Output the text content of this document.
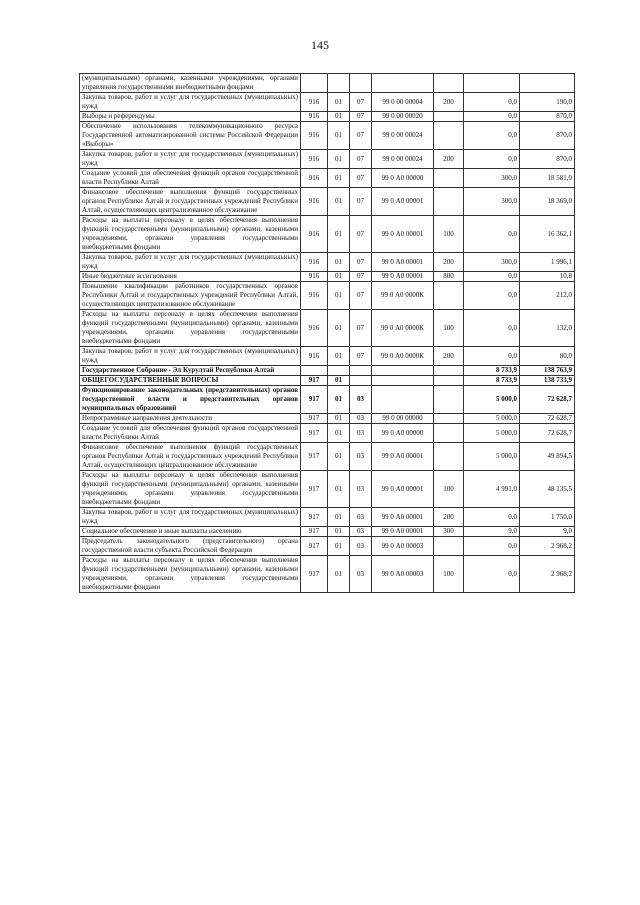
145
(муниципальными) органами, казенными учреждениями, органами управления государственными внебюджетными фондами							
Закупка товаров, работ и услуг для государственных (муниципальных) нужд	916	01	07	99 0 00 00004	200	0,0	190,0
Выборы и референдумы	916	01	07	99 0 00 00020		0,0	870,0
Обеспечение использования телекоммуникационного ресурса Государственной автоматизированной системы Российской Федерации «Выборы»	916	01	07	99 0 00 00024		0,0	870,0
Закупка товаров, работ и услуг для государственных (муниципальных) нужд	916	01	07	99 0 00 00024	200	0,0	870,0
Создание условий для обеспечения функций органов государственной власти Республики Алтай	916	01	07	99 0 А0 00000		300,0	18 581,0
Финансовое обеспечение выполнения функций государственных органов Республики Алтай и государственных учреждений Республики Алтай, осуществляющих централизованное обслуживание	916	01	07	99 0 А0 00001		300,0	18 369,0
Расходы на выплаты персоналу в целях обеспечения выполнения функций государственными (муниципальными) органами, казенными учреждениями, органами управления государственными внебюджетными фондами	916	01	07	99 0 А0 00001	100	0,0	16 362,1
Закупка товаров, работ и услуг для государственных (муниципальных) нужд	916	01	07	99 0 А0 00001	200	300,0	1 996,1
Иные бюджетные ассигнования	916	01	07	99 0 А0 00001	800	0,0	10,8
Повышение квалификации работников государственных органов Республики Алтай и государственных учреждений Республики Алтай, осуществляющих централизованное обслуживание	916	01	07	99 0 А0 0000К		0,0	212,0
Расходы на выплаты персоналу в целях обеспечения выполнения функций государственными (муниципальными) органами, казенными учреждениями, органами управления государственными внебюджетными фондами	916	01	07	99 0 А0 0000К	100	0,0	132,0
Закупка товаров, работ и услуг для государственных (муниципальных) нужд	916	01	07	99 0 А0 0000К	200	0,0	80,0
Государственное Собрание - Эл Курултай Республики Алтай						8 733,9	138 763,9
ОБЩЕГОСУДАРСТВЕННЫЕ ВОПРОСЫ	917	01				8 733,9	138 733,9
Функционирование законодательных (представительных) органов государственной власти и представительных органов муниципальных образований	917	01	03			5 000,0	72 628,7
Непрограммные направления деятельности	917	01	03	99 0 00 00000		5 000,0	72 628,7
Создание условий для обеспечения функций органов государственной власти Республики Алтай	917	01	03	99 0 А0 00000		5 000,0	72 628,7
Финансовое обеспечение выполнения функций государственных органов Республики Алтай и государственных учреждений Республики Алтай, осуществляющих централизованное обслуживание	917	01	03	99 0 А0 00001		5 000,0	49 894,5
Расходы на выплаты персоналу в целях обеспечения выполнения функций государственными (муниципальными) органами, казенными учреждениями, органами управления государственными внебюджетными фондами	917	01	03	99 0 А0 00001	100	4 991,0	48 135,5
Закупка товаров, работ и услуг для государственных (муниципальных) нужд	917	01	03	99 0 А0 00001	200	0,0	1 750,0
Социальное обеспечение и иные выплаты населению	917	01	03	99 0 А0 00001	300	9,0	9,0
Председатель законодательного (представительного) органа государственной власти субъекта Российской Федерации	917	01	03	99 0 А0 00003		0,0	2 968,2
Расходы на выплаты персоналу в целях обеспечения выполнения функций государственными (муниципальными) органами, казенными учреждениями, органами управления государственными внебюджетными фондами	917	01	03	99 0 А0 00003	100	0,0	2 968,2
